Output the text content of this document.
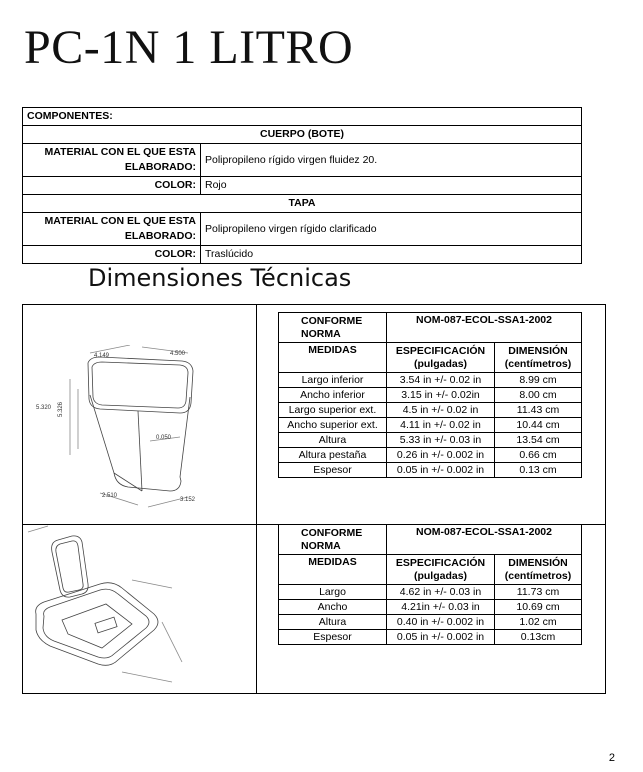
PC-1N 1 LITRO
COMPONENTES:	
CUERPO (BOTE)	
MATERIAL CON EL QUE ESTA ELABORADO:	Polipropileno rígido virgen fluidez 20.
COLOR:	Rojo
TAPA	
MATERIAL CON EL QUE ESTA ELABORADO:	Polipropileno virgen rígido clarificado
COLOR:	Traslúcido
Dimensiones Técnicas
4.149	4.500
5.320 5.326
0.050
2.510
3.152
CONFORME NORMA	NOM-087-ECOL-SSA1-2002	
MEDIDAS	ESPECIFICACIÓN (pulgadas)	DIMENSIÓN (centímetros)
Largo inferior	3.54 in +/- 0.02 in	8.99 cm
Ancho inferior	3.15 in +/- 0.02in	8.00 cm
Largo superior ext.	4.5 in +/- 0.02 in	11.43 cm
Ancho superior ext.	4.11 in +/- 0.02 in	10.44 cm
Altura	5.33 in +/- 0.03 in	13.54 cm
Altura pestaña	0.26 in +/- 0.002 in	0.66 cm
Espesor	0.05 in +/- 0.002 in	0.13 cm
CONFORME NORMA	NOM-087-ECOL-SSA1-2002	
MEDIDAS	ESPECIFICACIÓN (pulgadas)	DIMENSIÓN (centímetros)
Largo	4.62 in +/- 0.03 in	11.73 cm
Ancho	4.21in +/- 0.03 in	10.69 cm
Altura	0.40 in +/- 0.002 in	1.02 cm
Espesor	0.05 in +/- 0.002 in	0.13cm
2
